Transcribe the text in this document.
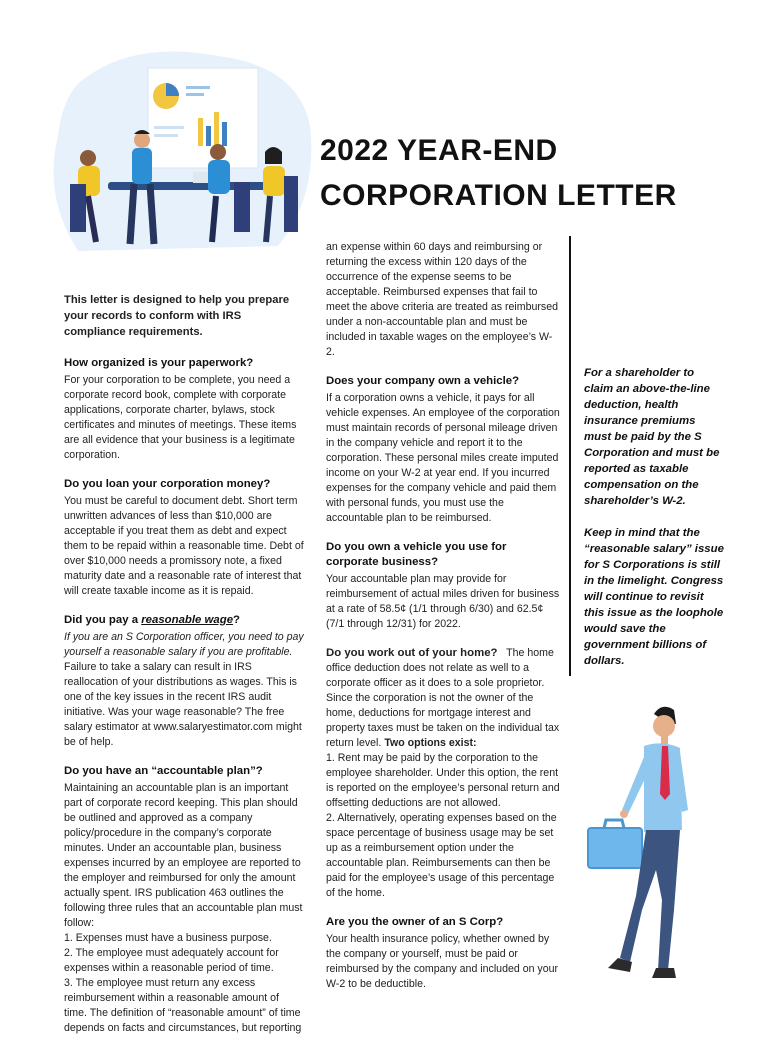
2022 YEAR-END
CORPORATION LETTER

This letter is designed to help you prepare your records to conform with IRS compliance requirements.

How organized is your paperwork?

For your corporation to be complete, you need a corporate record book, complete with corporate applications, corporate charter, bylaws, stock certificates and minutes of meetings. These items are all evidence that your business is a legitimate corporation.

Do you loan your corporation money?

You must be careful to document debt. Short term unwritten advances of less than $10,000 are acceptable if you treat them as debt and expect them to be repaid within a reasonable time. Debt of over $10,000 needs a promissory note, a fixed maturity date and a reasonable rate of interest that will create taxable income as it is repaid.

Did you pay a reasonable wage?

If you are an S Corporation officer, you need to pay yourself a reasonable salary if you are profitable. Failure to take a salary can result in IRS reallocation of your distributions as wages. This is one of the key issues in the recent IRS audit initiative. Was your wage reasonable? The free salary estimator at www.salaryestimator.com might be of help.

Do you have an “accountable plan”?

Maintaining an accountable plan is an important part of corporate record keeping. This plan should be outlined and approved as a company policy/procedure in the company’s corporate minutes. Under an accountable plan, business expenses incurred by an employee are reported to the employer and reimbursed for only the amount actually spent. IRS publication 463 outlines the following three rules that an accountable plan must follow:

1. Expenses must have a business purpose.

2. The employee must adequately account for expenses within a reasonable period of time.

3. The employee must return any excess reimbursement within a reasonable amount of time. The definition of “reasonable amount” of time depends on facts and circumstances, but reporting

an expense within 60 days and reimbursing or returning the excess within 120 days of the occurrence of the expense seems to be acceptable. Reimbursed expenses that fail to meet the above criteria are treated as reimbursed under a non-accountable plan and must be included in taxable wages on the employee’s W-2.

Does your company own a vehicle?

If a corporation owns a vehicle, it pays for all vehicle expenses. An employee of the corporation must maintain records of personal mileage driven in the company vehicle and report it to the corporation. These personal miles create imputed income on your W-2 at year end. If you incurred expenses for the company vehicle and paid them with personal funds, you must use the accountable plan to be reimbursed.

Do you own a vehicle you use for corporate business?

Your accountable plan may provide for reimbursement of actual miles driven for business at a rate of 58.5¢ (1/1 through 6/30) and 62.5¢ (7/1 through 12/31) for 2022.

Do you work out of your home? The home office deduction does not relate as well to a corporate officer as it does to a sole proprietor. Since the corporation is not the owner of the home, deductions for mortgage interest and property taxes must be taken on the individual tax return level. Two options exist:

1. Rent may be paid by the corporation to the employee shareholder. Under this option, the rent is reported on the employee’s personal return and offsetting deductions are not allowed.

2. Alternatively, operating expenses based on the space percentage of business usage may be set up as a reimbursement option under the accountable plan. Reimbursements can then be paid for the employee’s usage of this percentage of the home.

Are you the owner of an S Corp?

Your health insurance policy, whether owned by the company or yourself, must be paid or reimbursed by the company and included on your W-2 to be deductible.

For a shareholder to claim an above-the-line deduction, health insurance premiums must be paid by the S Corporation and must be reported as taxable compensation on the shareholder’s W-2.

Keep in mind that the “reasonable salary” issue for S Corporations is still in the limelight. Congress will continue to revisit this issue as the loophole would save the government billions of dollars.
